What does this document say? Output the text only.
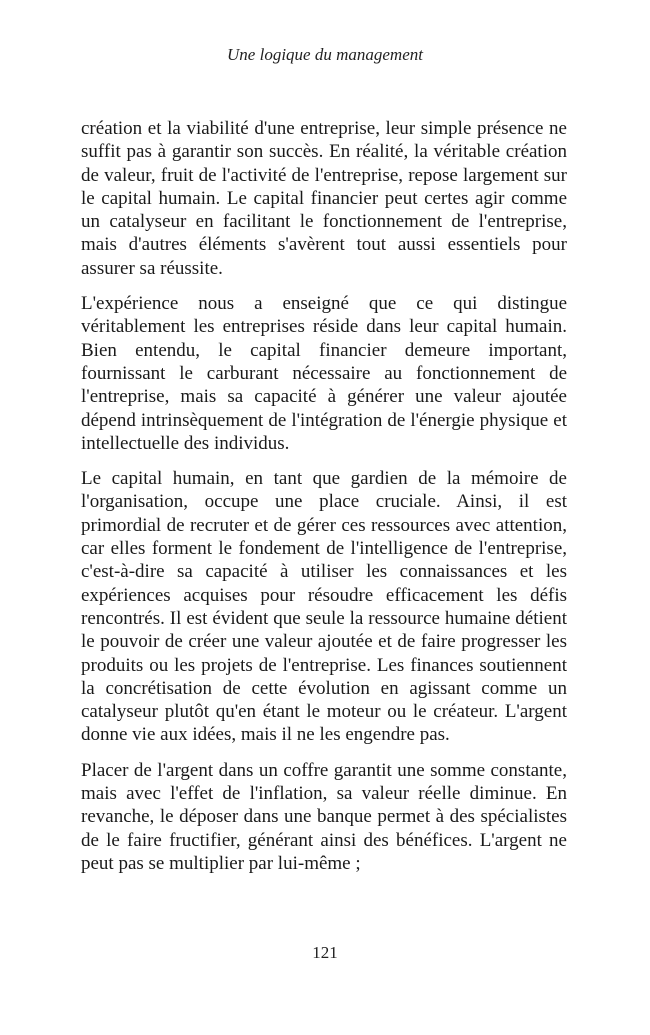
Une logique du management

création et la viabilité d'une entreprise, leur simple présence ne suffit pas à garantir son succès. En réalité, la véritable création de valeur, fruit de l'activité de l'entreprise, repose largement sur le capital humain. Le capital financier peut certes agir comme un catalyseur en facilitant le fonctionnement de l'entreprise, mais d'autres éléments s'avèrent tout aussi essentiels pour assurer sa réussite.

L'expérience nous a enseigné que ce qui distingue véritablement les entreprises réside dans leur capital humain. Bien entendu, le capital financier demeure important, fournissant le carburant nécessaire au fonctionnement de l'entreprise, mais sa capacité à générer une valeur ajoutée dépend intrinsèquement de l'intégration de l'énergie physique et intellectuelle des individus.

Le capital humain, en tant que gardien de la mémoire de l'organisation, occupe une place cruciale. Ainsi, il est primordial de recruter et de gérer ces ressources avec attention, car elles forment le fondement de l'intelligence de l'entreprise, c'est-à-dire sa capacité à utiliser les connaissances et les expériences acquises pour résoudre efficacement les défis rencontrés. Il est évident que seule la ressource humaine détient le pouvoir de créer une valeur ajoutée et de faire progresser les produits ou les projets de l'entreprise. Les finances soutiennent la concrétisation de cette évolution en agissant comme un catalyseur plutôt qu'en étant le moteur ou le créateur. L'argent donne vie aux idées, mais il ne les engendre pas.

Placer de l'argent dans un coffre garantit une somme constante, mais avec l'effet de l'inflation, sa valeur réelle diminue. En revanche, le déposer dans une banque permet à des spécialistes de le faire fructifier, générant ainsi des bénéfices. L'argent ne peut pas se multiplier par lui-même ;

121
